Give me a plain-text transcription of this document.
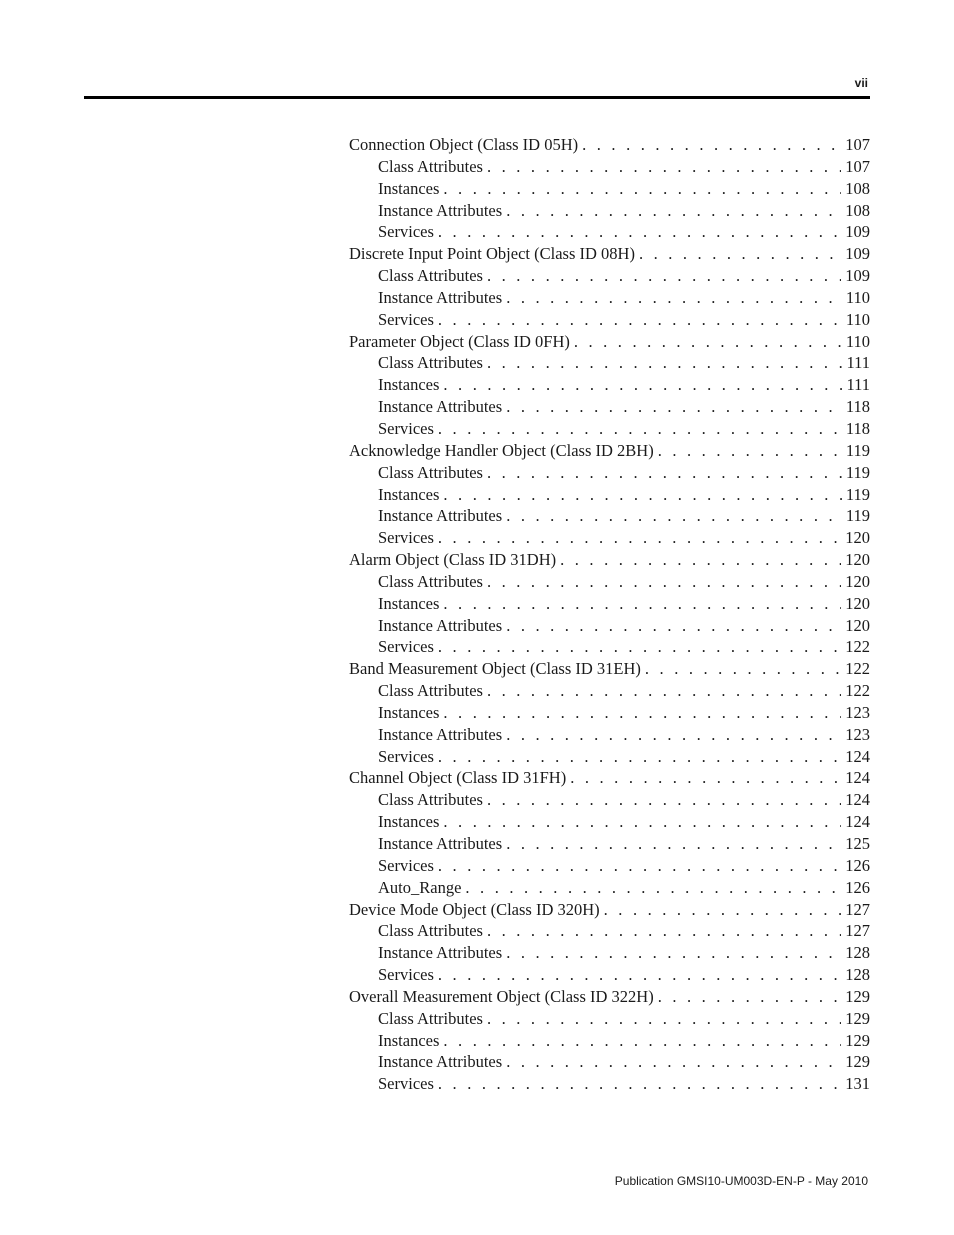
vii
Connection Object (Class ID 05H) . . .	107
Class Attributes . . .	107
Instances . . .	108
Instance Attributes . . .	108
Services . . .	109
Discrete Input Point Object (Class ID 08H) . . .	109
Class Attributes . . .	109
Instance Attributes . . .	110
Services . . .	110
Parameter Object (Class ID 0FH) . . .	110
Class Attributes . . .	111
Instances . . .	111
Instance Attributes . . .	118
Services . . .	118
Acknowledge Handler Object (Class ID 2BH) . . .	119
Class Attributes . . .	119
Instances . . .	119
Instance Attributes . . .	119
Services . . .	120
Alarm Object (Class ID 31DH) . . .	120
Class Attributes . . .	120
Instances . . .	120
Instance Attributes . . .	120
Services . . .	122
Band Measurement Object (Class ID 31EH) . . .	122
Class Attributes . . .	122
Instances . . .	123
Instance Attributes . . .	123
Services . . .	124
Channel Object (Class ID 31FH) . . .	124
Class Attributes . . .	124
Instances . . .	124
Instance Attributes . . .	125
Services . . .	126
Auto_Range . . .	126
Device Mode Object (Class ID 320H) . . .	127
Class Attributes . . .	127
Instance Attributes . . .	128
Services . . .	128
Overall Measurement Object (Class ID 322H) . . .	129
Class Attributes . . .	129
Instances . . .	129
Instance Attributes . . .	129
Services . . .	131
Publication GMSI10-UM003D-EN-P - May 2010
